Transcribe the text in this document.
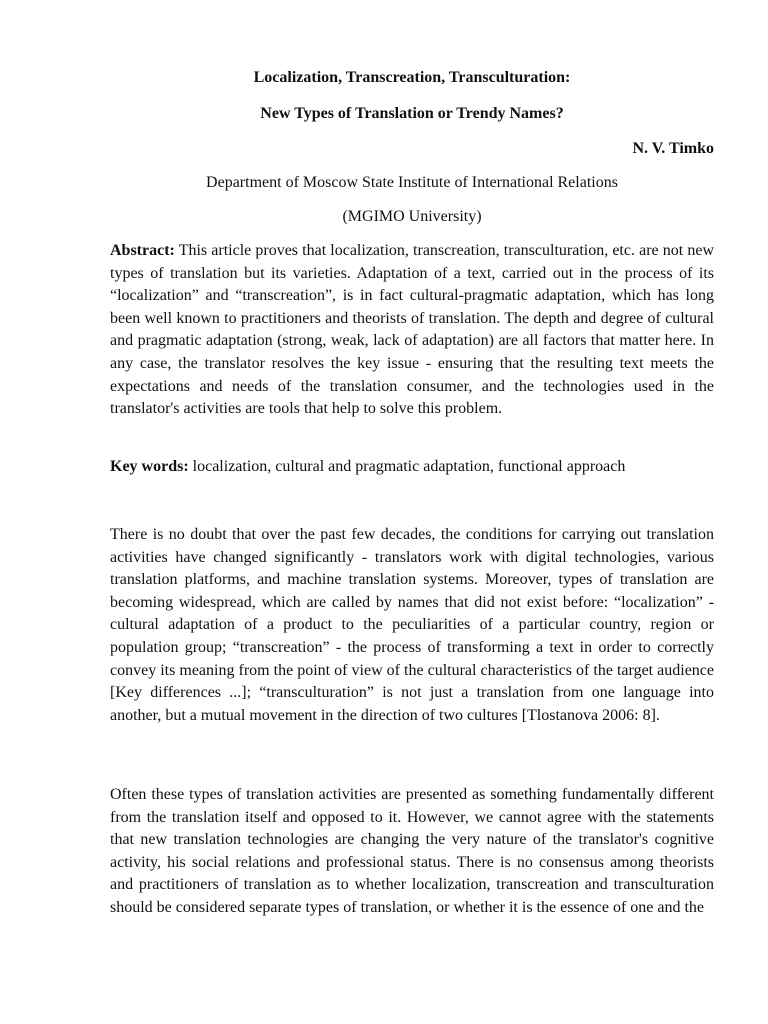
Localization, Transcreation, Transculturation:

New Types of Translation or Trendy Names?

N. V. Timko

Department of Moscow State Institute of International Relations

(MGIMO University)

Abstract: This article proves that localization, transcreation, transculturation, etc. are not new types of translation but its varieties. Adaptation of a text, carried out in the process of its “localization” and “transcreation”, is in fact cultural-pragmatic adaptation, which has long been well known to practitioners and theorists of translation. The depth and degree of cultural and pragmatic adaptation (strong, weak, lack of adaptation) are all factors that matter here. In any case, the translator resolves the key issue - ensuring that the resulting text meets the expectations and needs of the translation consumer, and the technologies used in the translator's activities are tools that help to solve this problem.

Key words: localization, cultural and pragmatic adaptation, functional approach

There is no doubt that over the past few decades, the conditions for carrying out translation activities have changed significantly - translators work with digital technologies, various translation platforms, and machine translation systems. Moreover, types of translation are becoming widespread, which are called by names that did not exist before: “localization” - cultural adaptation of a product to the peculiarities of a particular country, region or population group; “transcreation” - the process of transforming a text in order to correctly convey its meaning from the point of view of the cultural characteristics of the target audience [Key differences ...]; “transculturation” is not just a translation from one language into another, but a mutual movement in the direction of two cultures [Tlostanova 2006: 8].

Often these types of translation activities are presented as something fundamentally different from the translation itself and opposed to it. However, we cannot agree with the statements that new translation technologies are changing the very nature of the translator's cognitive activity, his social relations and professional status. There is no consensus among theorists and practitioners of translation as to whether localization, transcreation and transculturation should be considered separate types of translation, or whether it is the essence of one and the
